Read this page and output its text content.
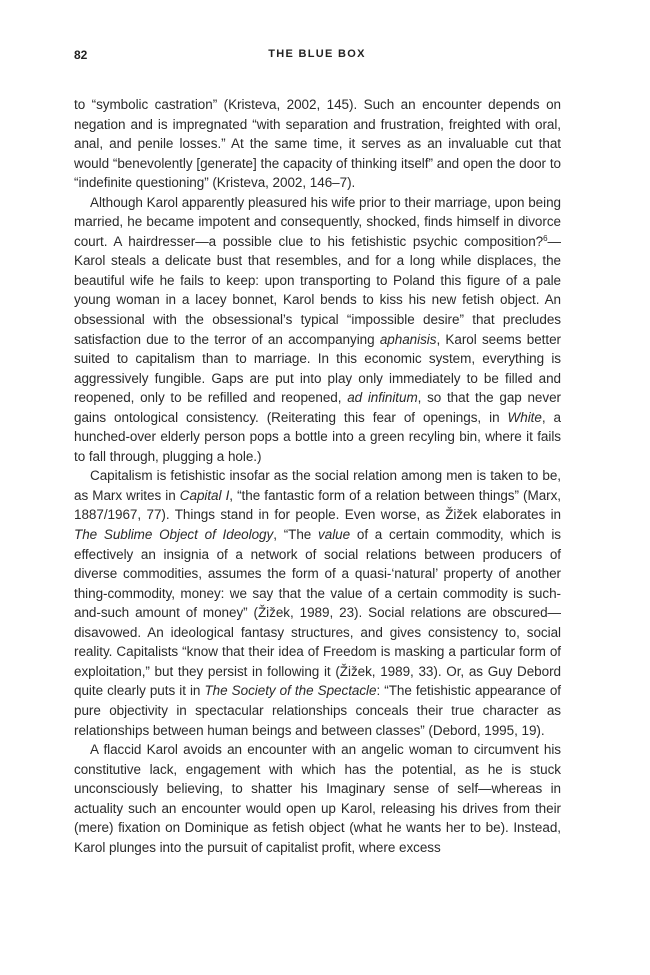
82	THE BLUE BOX

to “symbolic castration” (Kristeva, 2002, 145). Such an encounter depends on negation and is impregnated “with separation and frustration, freighted with oral, anal, and penile losses.” At the same time, it serves as an invaluable cut that would “benevolently [generate] the capacity of thinking itself” and open the door to “indefinite questioning” (Kristeva, 2002, 146–7).

Although Karol apparently pleasured his wife prior to their marriage, upon being married, he became impotent and consequently, shocked, finds himself in divorce court. A hairdresser—a possible clue to his fetishistic psychic composition?$^6$—Karol steals a delicate bust that resembles, and for a long while displaces, the beautiful wife he fails to keep: upon transporting to Poland this figure of a pale young woman in a lacey bonnet, Karol bends to kiss his new fetish object. An obsessional with the obsessional’s typical “impossible desire” that precludes satisfaction due to the terror of an accompanying aphanisis, Karol seems better suited to capitalism than to marriage. In this economic system, everything is aggressively fungible. Gaps are put into play only immediately to be filled and reopened, only to be refilled and reopened, ad infinitum, so that the gap never gains ontological consistency. (Reiterating this fear of openings, in White, a hunched-over elderly person pops a bottle into a green recyling bin, where it fails to fall through, plugging a hole.)

Capitalism is fetishistic insofar as the social relation among men is taken to be, as Marx writes in Capital I, “the fantastic form of a relation between things” (Marx, 1887/1967, 77). Things stand in for people. Even worse, as Žižek elaborates in The Sublime Object of Ideology, “The value of a certain commodity, which is effectively an insignia of a network of social relations between producers of diverse commodities, assumes the form of a quasi-‘natural’ property of another thing-commodity, money: we say that the value of a certain commodity is such-and-such amount of money” (Žižek, 1989, 23). Social relations are obscured—disavowed. An ideological fantasy structures, and gives consistency to, social reality. Capitalists “know that their idea of Freedom is masking a particular form of exploitation,” but they persist in following it (Žižek, 1989, 33). Or, as Guy Debord quite clearly puts it in The Society of the Spectacle: “The fetishistic appearance of pure objectivity in spectacular relationships conceals their true character as relationships between human beings and between classes” (Debord, 1995, 19).

A flaccid Karol avoids an encounter with an angelic woman to circumvent his constitutive lack, engagement with which has the potential, as he is stuck unconsciously believing, to shatter his Imaginary sense of self—whereas in actuality such an encounter would open up Karol, releasing his drives from their (mere) fixation on Dominique as fetish object (what he wants her to be). Instead, Karol plunges into the pursuit of capitalist profit, where excess
